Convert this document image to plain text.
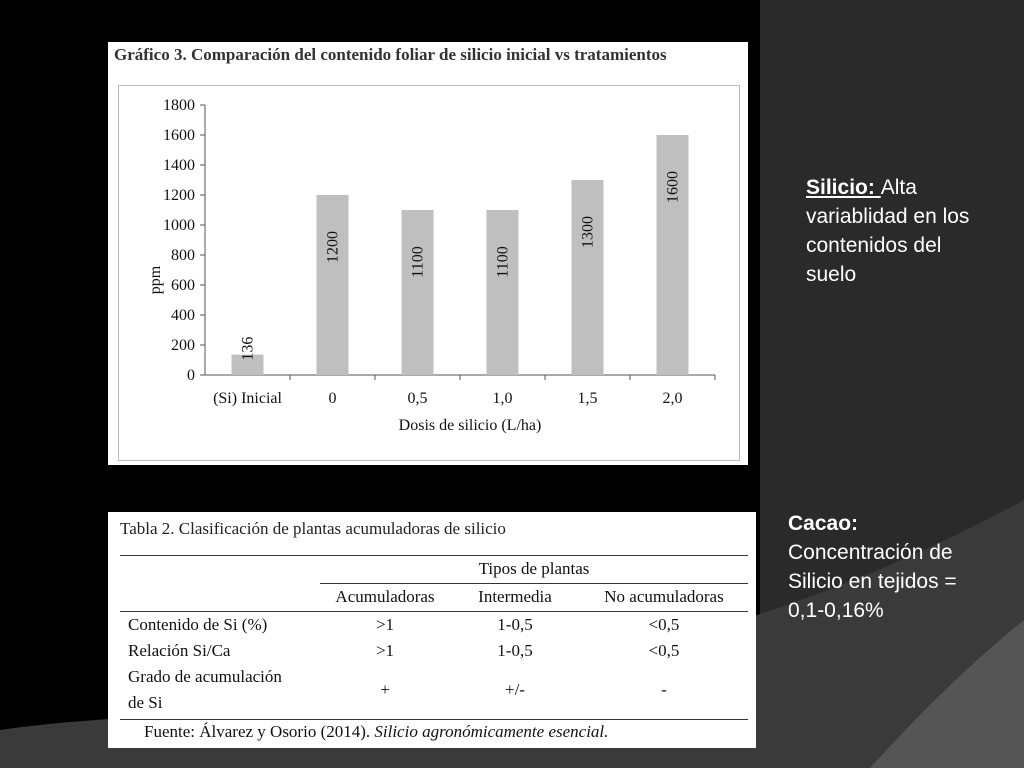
Gráfico 3. Comparación del contenido foliar de silicio inicial vs tratamientos
0
200
400
600
800
1000
1200
1400
1600
1800
(Si) Inicial
136
0
1200
0,5
1100
1,0
1100
1,5
1300
2,0
1600
ppm
Dosis de silicio (L/ha)
Tabla 2. Clasificación de plantas acumuladoras de silicio
Tipos de plantas
Acumuladoras	Intermedia	No acumuladoras
Contenido de Si (%)	>1	1-0,5	<0,5
Relación Si/Ca	>1	1-0,5	<0,5
Grado de acumulación
de Si
+	+/-	-
Fuente: Álvarez y Osorio (2014). Silicio agronómicamente esencial.
Silicio: Alta variablidad en los contenidos del suelo
Cacao:
Concentración de Silicio en tejidos = 0,1-0,16%
